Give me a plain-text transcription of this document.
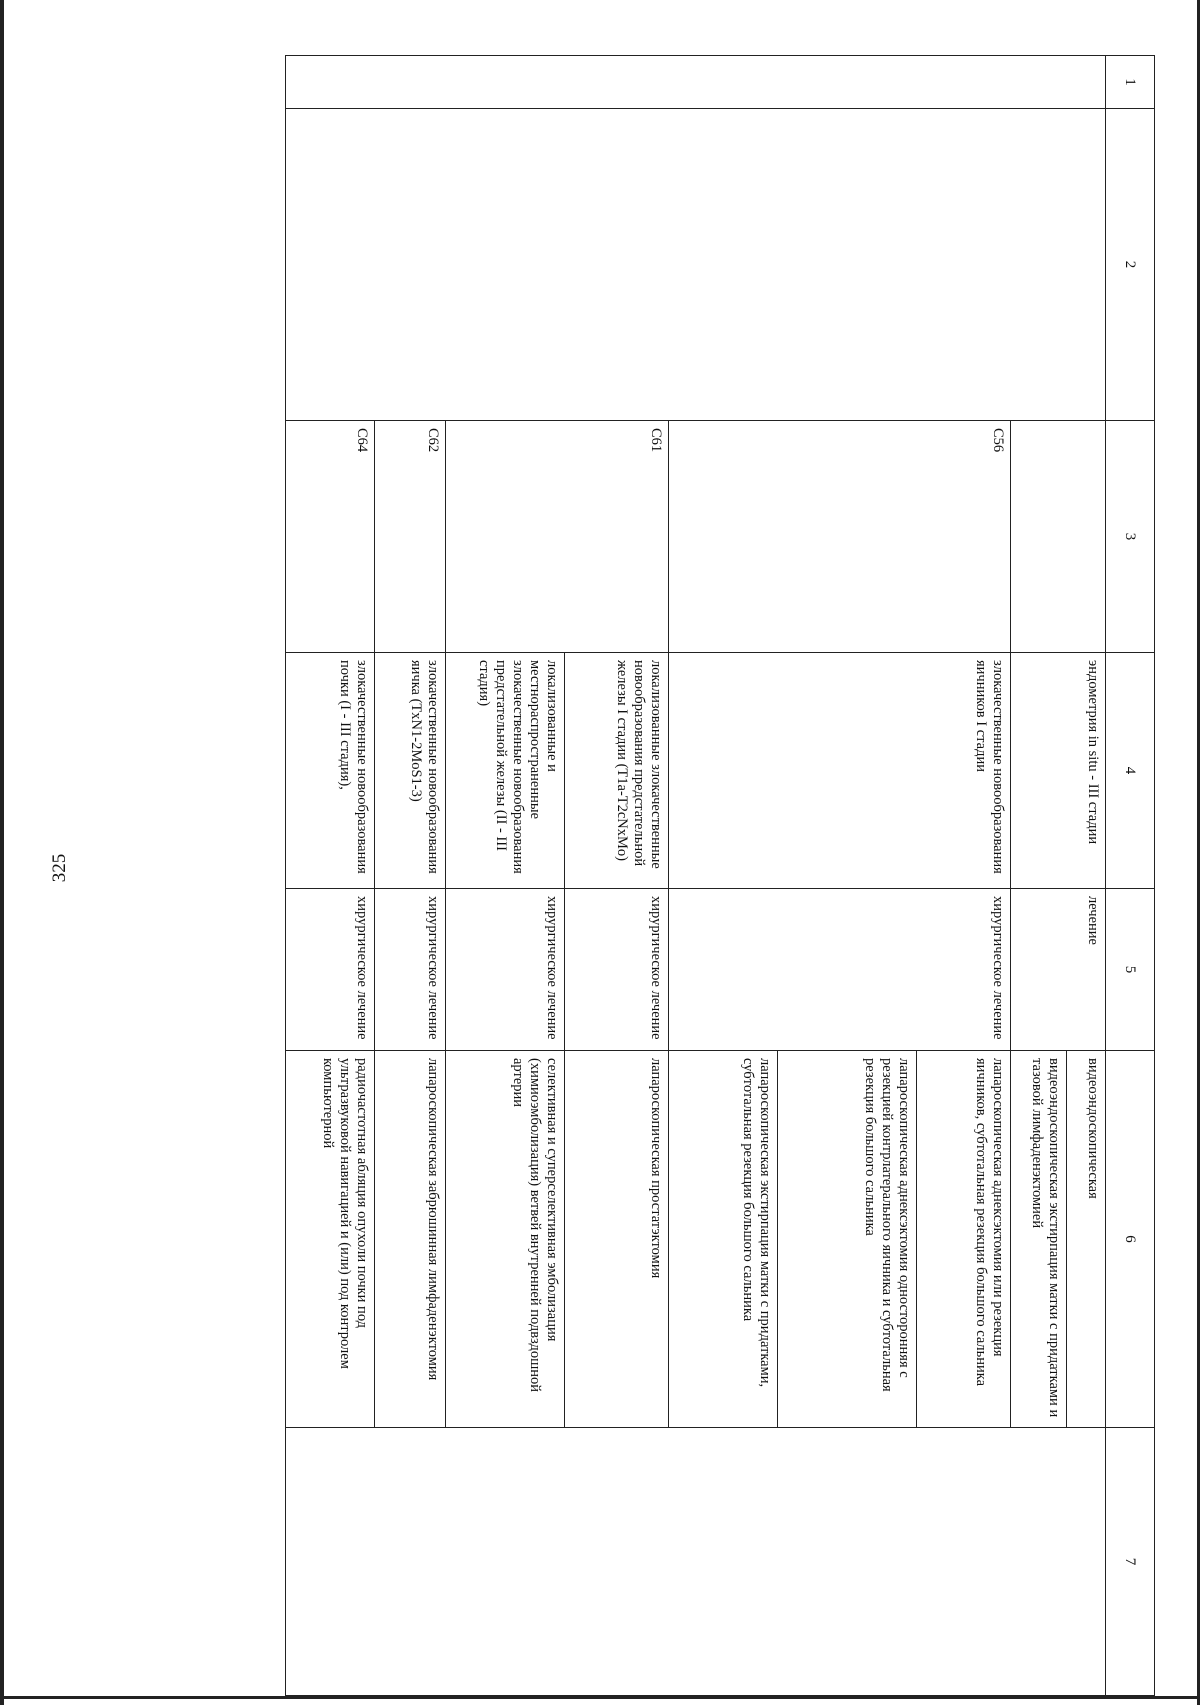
325
1	2	3	4	5	6	7
			эндометрия in situ - III стадии	лечение	видеоэндоскопическая	
					видеоэндоскопическая экстирпация матки с придатками и тазовой лимфаденэктомией	
		C56	злокачественные новообразования яичников I стадии	хирургическое лечение	лапароскопическая аднексэктомия или резекция яичников, субтотальная резекция большого сальника	
					лапароскопическая аднексэктомия односторонняя с резекцией контрлатерального яичника и субтотальная резекция большого сальника	
					лапароскопическая экстирпация матки с придатками, субтотальная резекция большого сальника	
		C61	локализованные злокачественные новообразования предстательной железы I стадии (T1a-T2cNxMo)	хирургическое лечение	лапароскопическая простатэктомия	
			локализованные и местнораспространенные злокачественные новообразования предстательной железы (II - III стадия)	хирургическое лечение	селективная и суперселективная эмболизация (химиоэмболизация) ветвей внутренней подвздошной артерии	
		C62	злокачественные новообразования яичка (TxN1-2MoS1-3)	хирургическое лечение	лапароскопическая забрюшинная лимфаденэктомия	
		C64	злокачественные новообразования почки (I - III стадия),	хирургическое лечение	радиочастотная абляция опухоли почки под ультразвуковой навигацией и (или) под контролем компьютерной	
